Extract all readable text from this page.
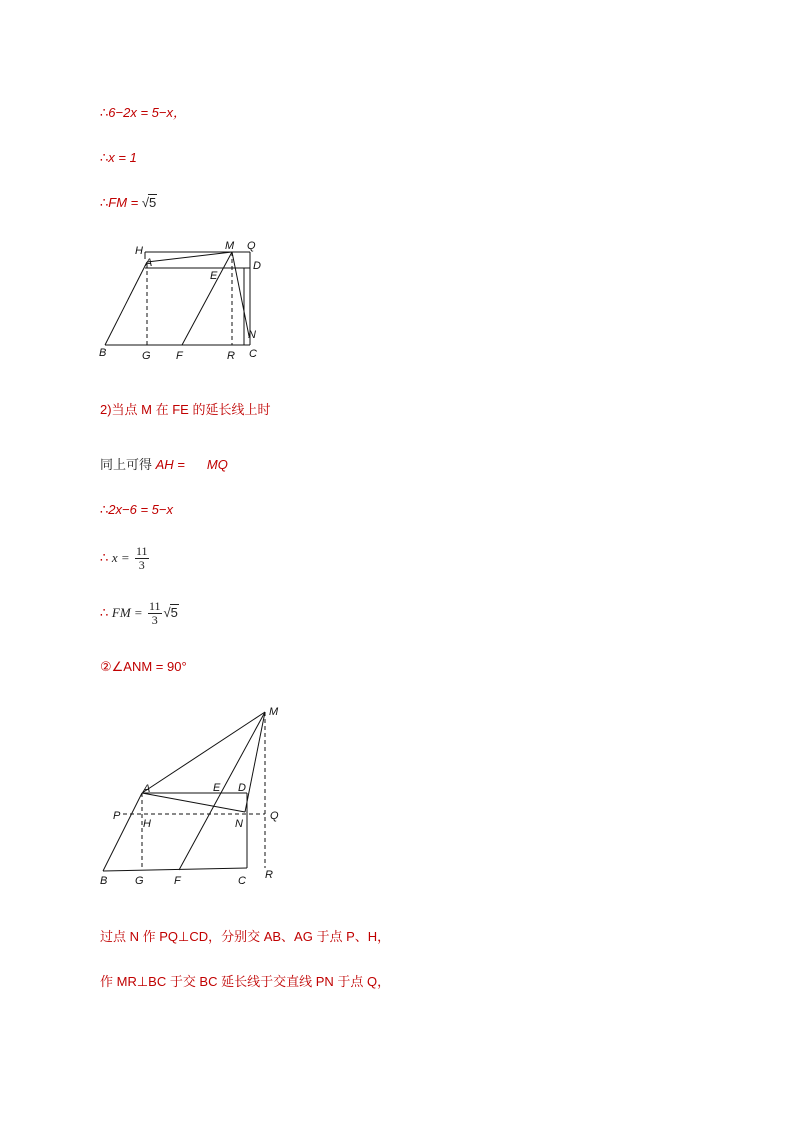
∴6−2x = 5−x，
∴x = 1
∴FM = √5
H
A
M Q
D
E
N
B	G F	R C
2)当点 M 在 FE 的延长线上时
同上可得 AH = MQ
∴2x−6 = 5−x
∴ $x = \frac{11}{3}$
∴ FM = $\frac{11}{3} √5$
②∠ANM = 90°
M
A	E D
P
H	N
Q
B	G	F	C R
过点 N 作 PQ⊥CD，分别交 AB、AG 于点 P、H，
作 MR⊥BC 于交 BC 延长线于交直线 PN 于点 Q，
